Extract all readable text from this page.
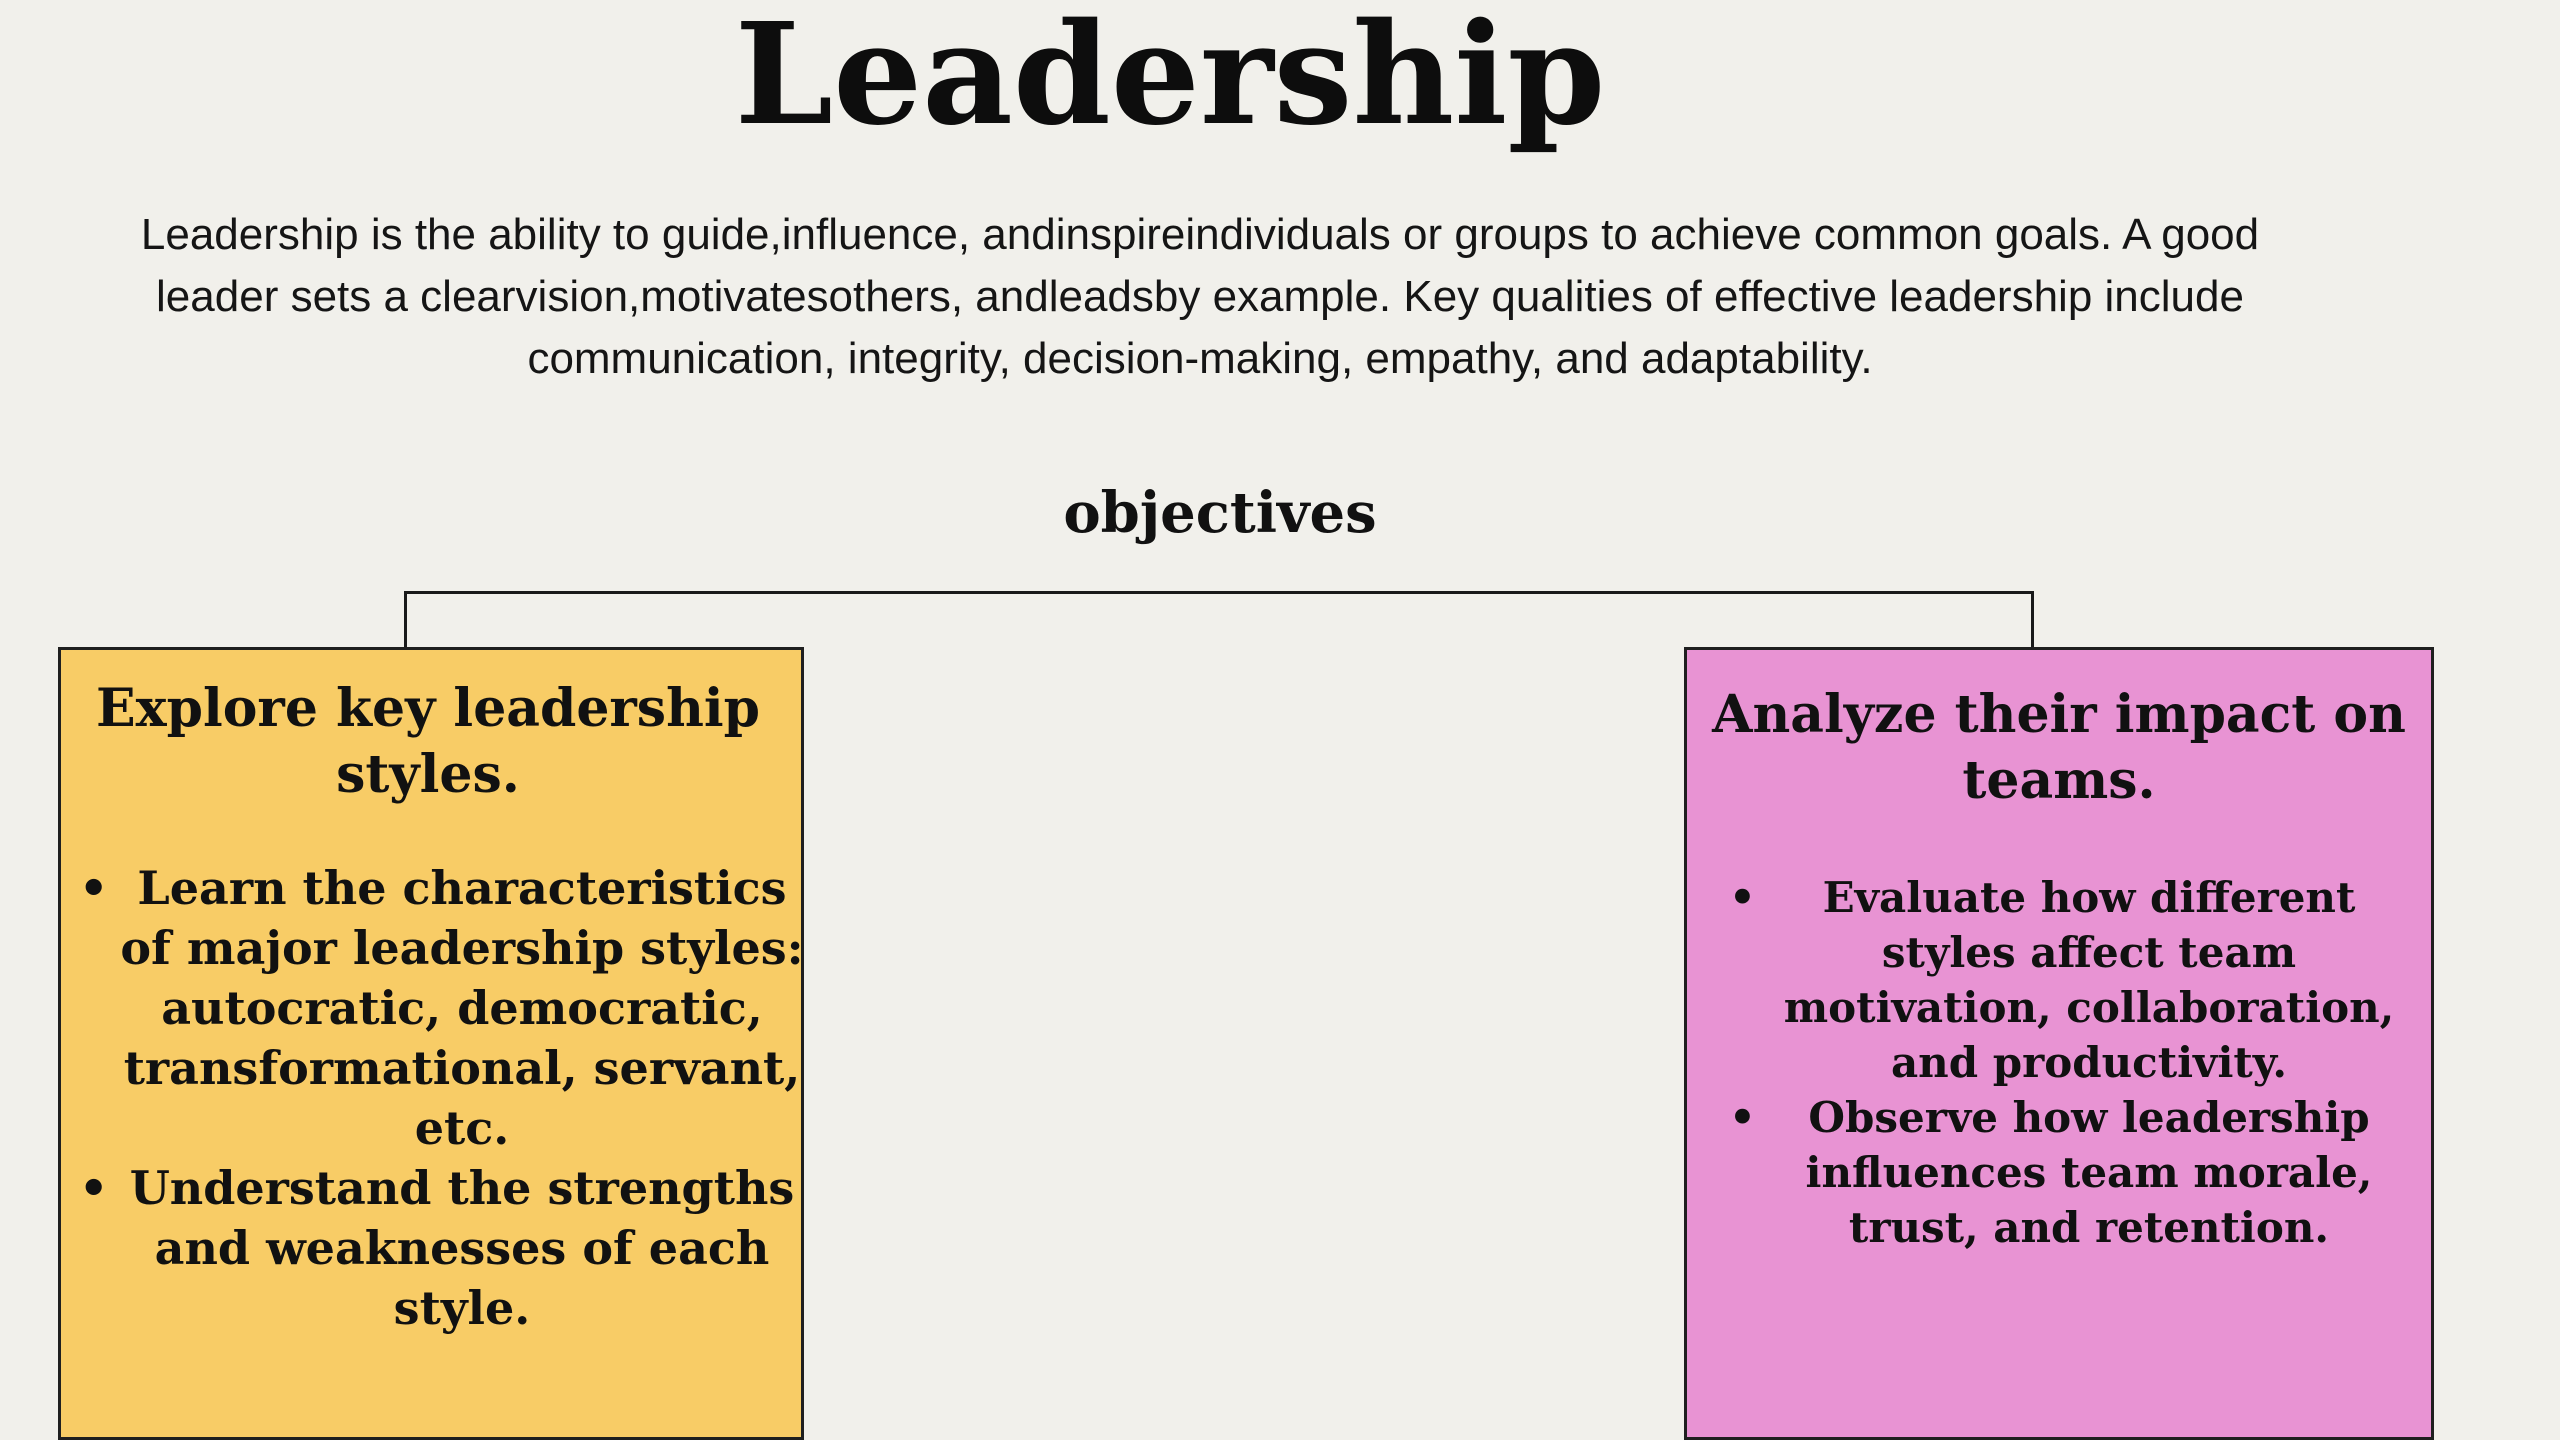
Leadership

Leadership is the ability to guide,influence, andinspireindividuals or groups to achieve common goals. A good leader sets a clearvision,motivatesothers, andleadsby example. Key qualities of effective leadership include communication, integrity, decision-making, empathy, and adaptability.

objectives
Explore key leadership styles.
• Learn the characteristics of major leadership styles: autocratic, democratic, transformational, servant, etc.
• Understand the strengths and weaknesses of each style.
Analyze their impact on teams.
• Evaluate how different styles affect team motivation, collaboration, and productivity.
• Observe how leadership influences team morale, trust, and retention.
